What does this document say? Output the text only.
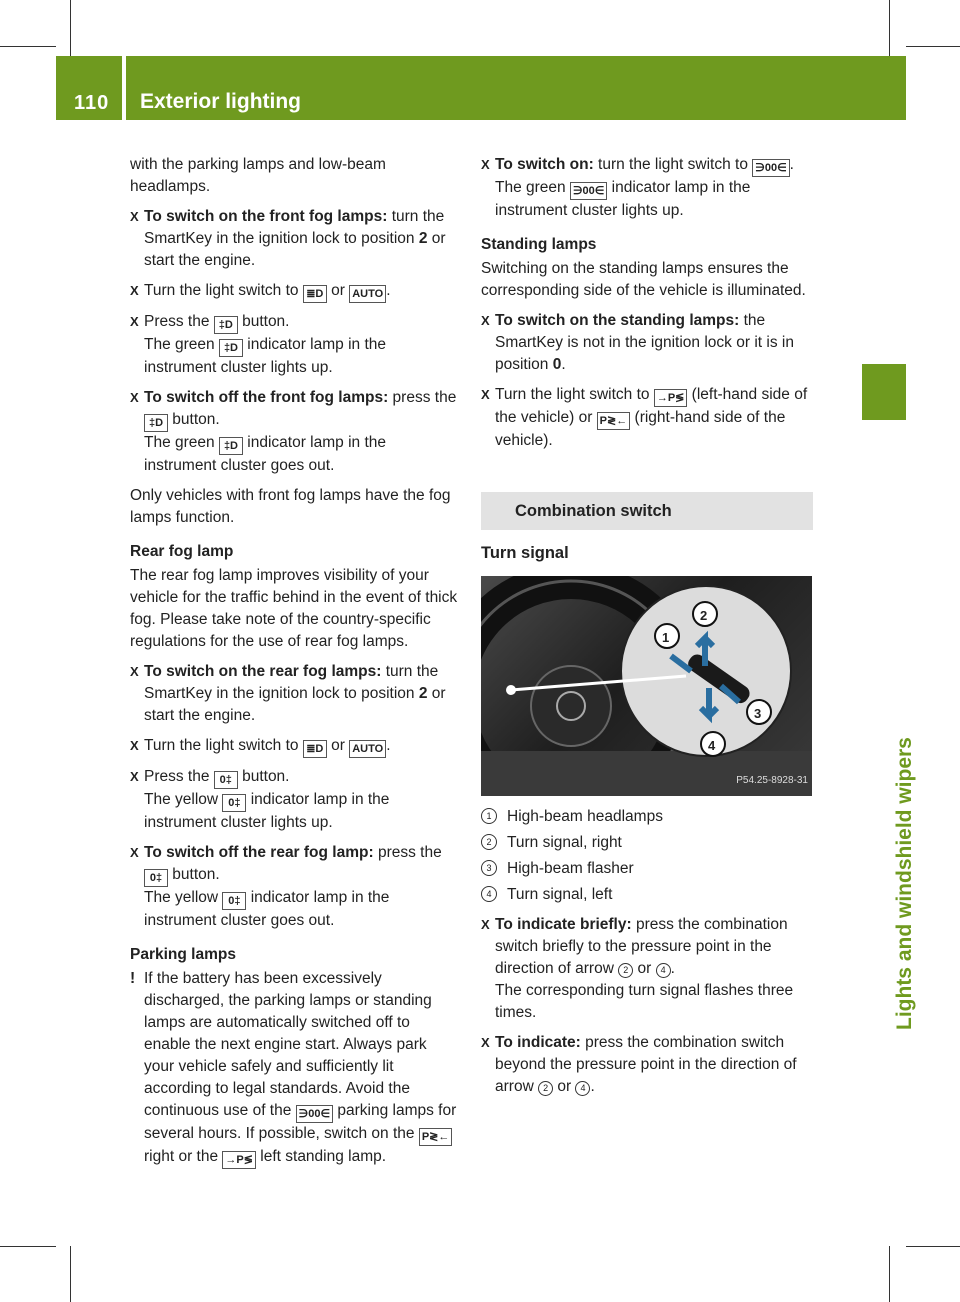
110 Exterior lighting
Lights and windshield wipers

with the parking lamps and low-beam headlamps.

X To switch on the front fog lamps: turn the SmartKey in the ignition lock to position 2 or start the engine.
X Turn the light switch to ≣D or AUTO .
X Press the ‡D button.
The green ‡D indicator lamp in the instrument cluster lights up.
X To switch off the front fog lamps: press the ‡D button.
The green ‡D indicator lamp in the instrument cluster goes out.

Only vehicles with front fog lamps have the fog lamps function.

Rear fog lamp

The rear fog lamp improves visibility of your vehicle for the traffic behind in the event of thick fog. Please take note of the country-specific regulations for the use of rear fog lamps.

X To switch on the rear fog lamps: turn the SmartKey in the ignition lock to position 2 or start the engine.
X Turn the light switch to ≣D or AUTO .
X Press the 0‡ button.
The yellow 0‡ indicator lamp in the instrument cluster lights up.
X To switch off the rear fog lamp: press the 0‡ button.
The yellow 0‡ indicator lamp in the instrument cluster goes out.
Parking lamps
! If the battery has been excessively discharged, the parking lamps or standing lamps are automatically switched off to enable the next engine start. Always park your vehicle safely and sufficiently lit according to legal standards. Avoid the continuous use of the ∋00∈ parking lamps for several hours. If possible, switch on the P≷← right or the →P≶ left standing lamp.
X To switch on: turn the light switch to ∋00∈ .
The green ∋00∈ indicator lamp in the instrument cluster lights up.
Standing lamps

Switching on the standing lamps ensures the corresponding side of the vehicle is illuminated.

X To switch on the standing lamps: the SmartKey is not in the ignition lock or it is in position 0.
X Turn the light switch to →P≶ (left-hand side of the vehicle) or P≷← (right-hand side of the vehicle).
Combination switch
Turn signal
1
2
3
4
P54.25-8928-31
1	High-beam headlamps
2	Turn signal, right
3	High-beam flasher
4	Turn signal, left
X To indicate briefly: press the combination switch briefly to the pressure point in the direction of arrow 2 or 4 .
The corresponding turn signal flashes three times.
X To indicate: press the combination switch beyond the pressure point in the direction of arrow 2 or 4 .
